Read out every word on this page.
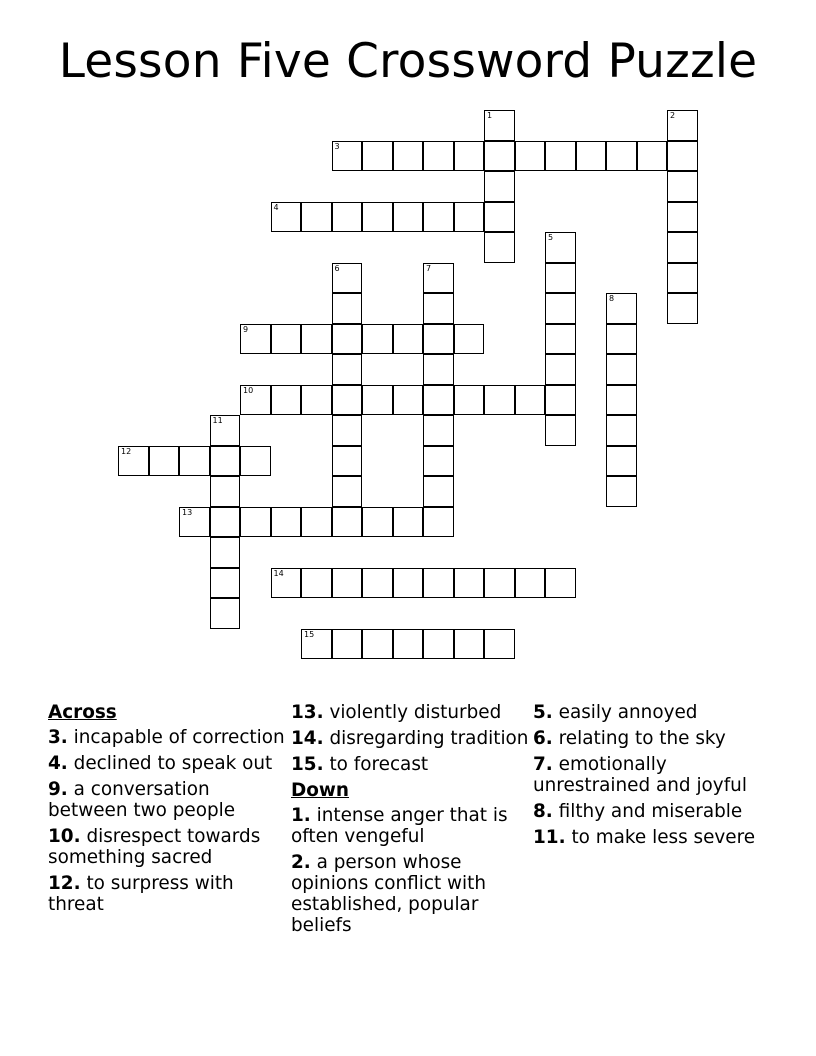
Lesson Five Crossword Puzzle
1	2
3
4
5
6	7
8
9
10
11
12
13
14
15
Across
3. incapable of correction
4. declined to speak out
9. a conversation between two people
10. disrespect towards something sacred
12. to surpress with threat
13. violently disturbed
14. disregarding tradition
15. to forecast
Down
1. intense anger that is often vengeful
2. a person whose opinions conflict with established, popular beliefs
5. easily annoyed
6. relating to the sky
7. emotionally unrestrained and joyful
8. filthy and miserable
11. to make less severe
